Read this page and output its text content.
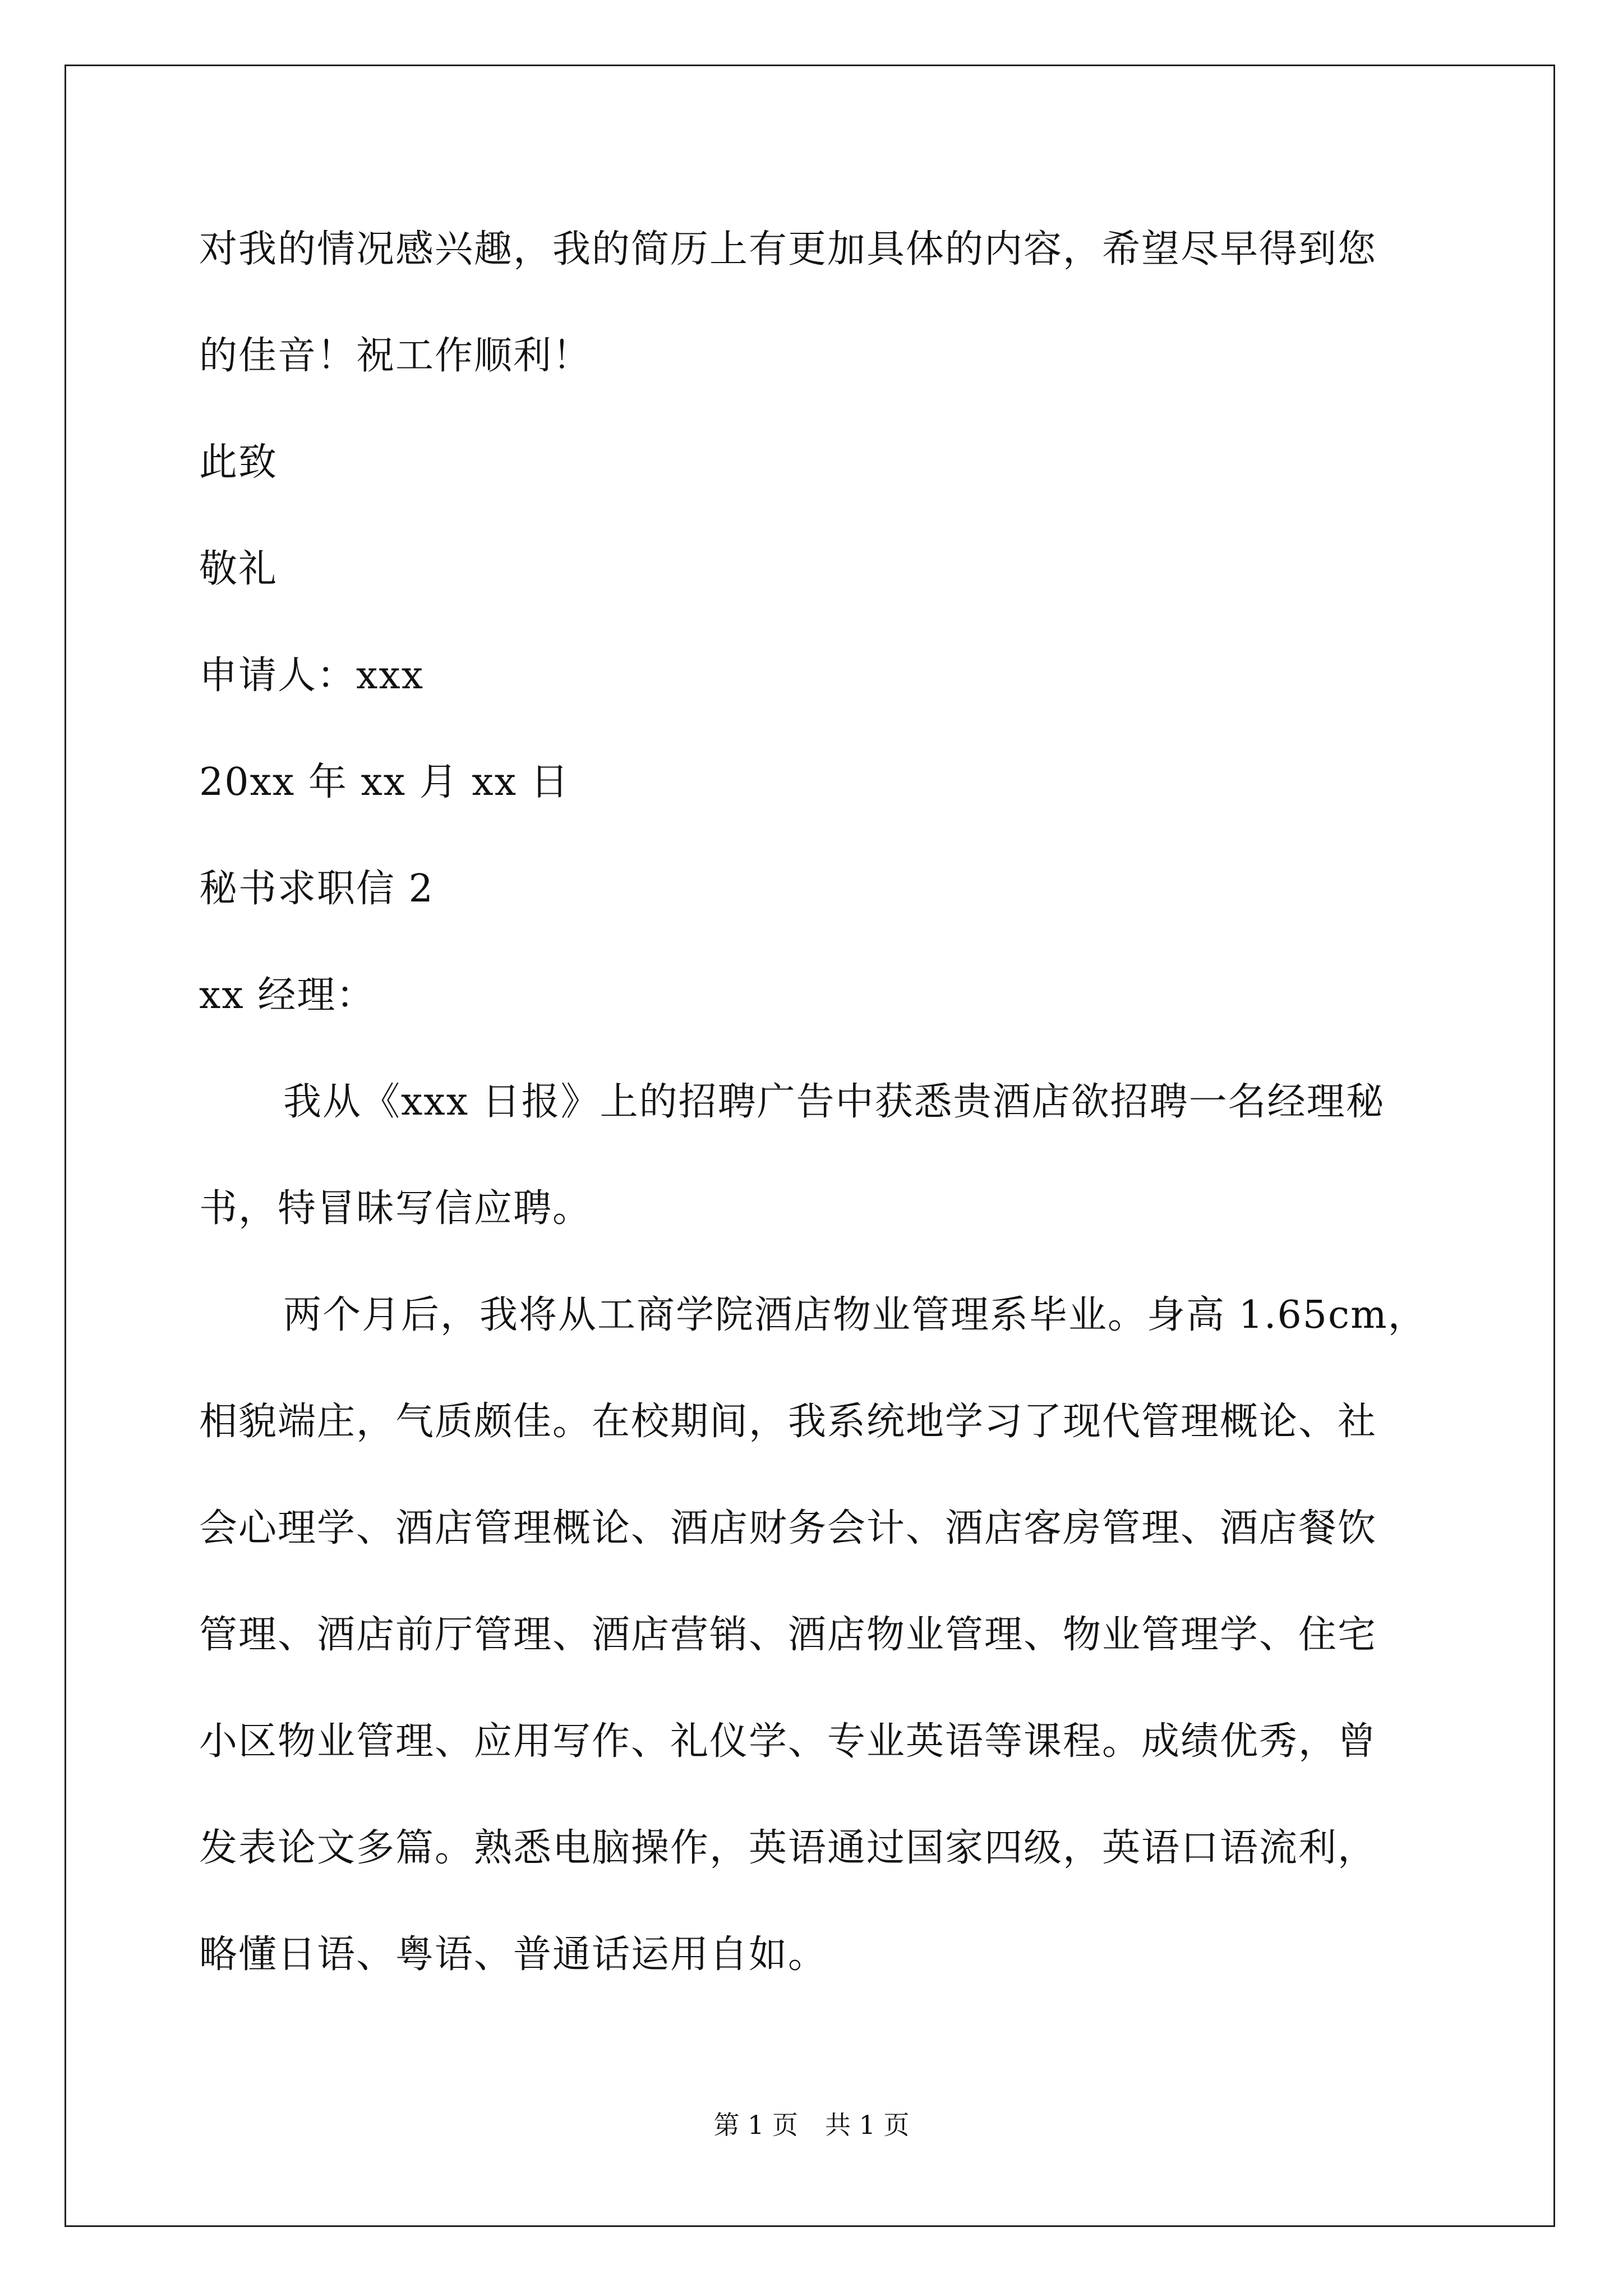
对我的情况感兴趣，我的简历上有更加具体的内容，希望尽早得到您
的佳音！祝工作顺利！
此致
敬礼
申请人：xxx
20xx 年 xx 月 xx 日
秘书求职信 2
xx 经理：
我从《xxx 日报》上的招聘广告中获悉贵酒店欲招聘一名经理秘
书，特冒昧写信应聘。
两个月后，我将从工商学院酒店物业管理系毕业。身高 1.65cm，
相貌端庄，气质颇佳。在校期间，我系统地学习了现代管理概论、社
会心理学、酒店管理概论、酒店财务会计、酒店客房管理、酒店餐饮
管理、酒店前厅管理、酒店营销、酒店物业管理、物业管理学、住宅
小区物业管理、应用写作、礼仪学、专业英语等课程。成绩优秀，曾
发表论文多篇。熟悉电脑操作，英语通过国家四级，英语口语流利，
略懂日语、粤语、普通话运用自如。
第 1 页 共 1 页
